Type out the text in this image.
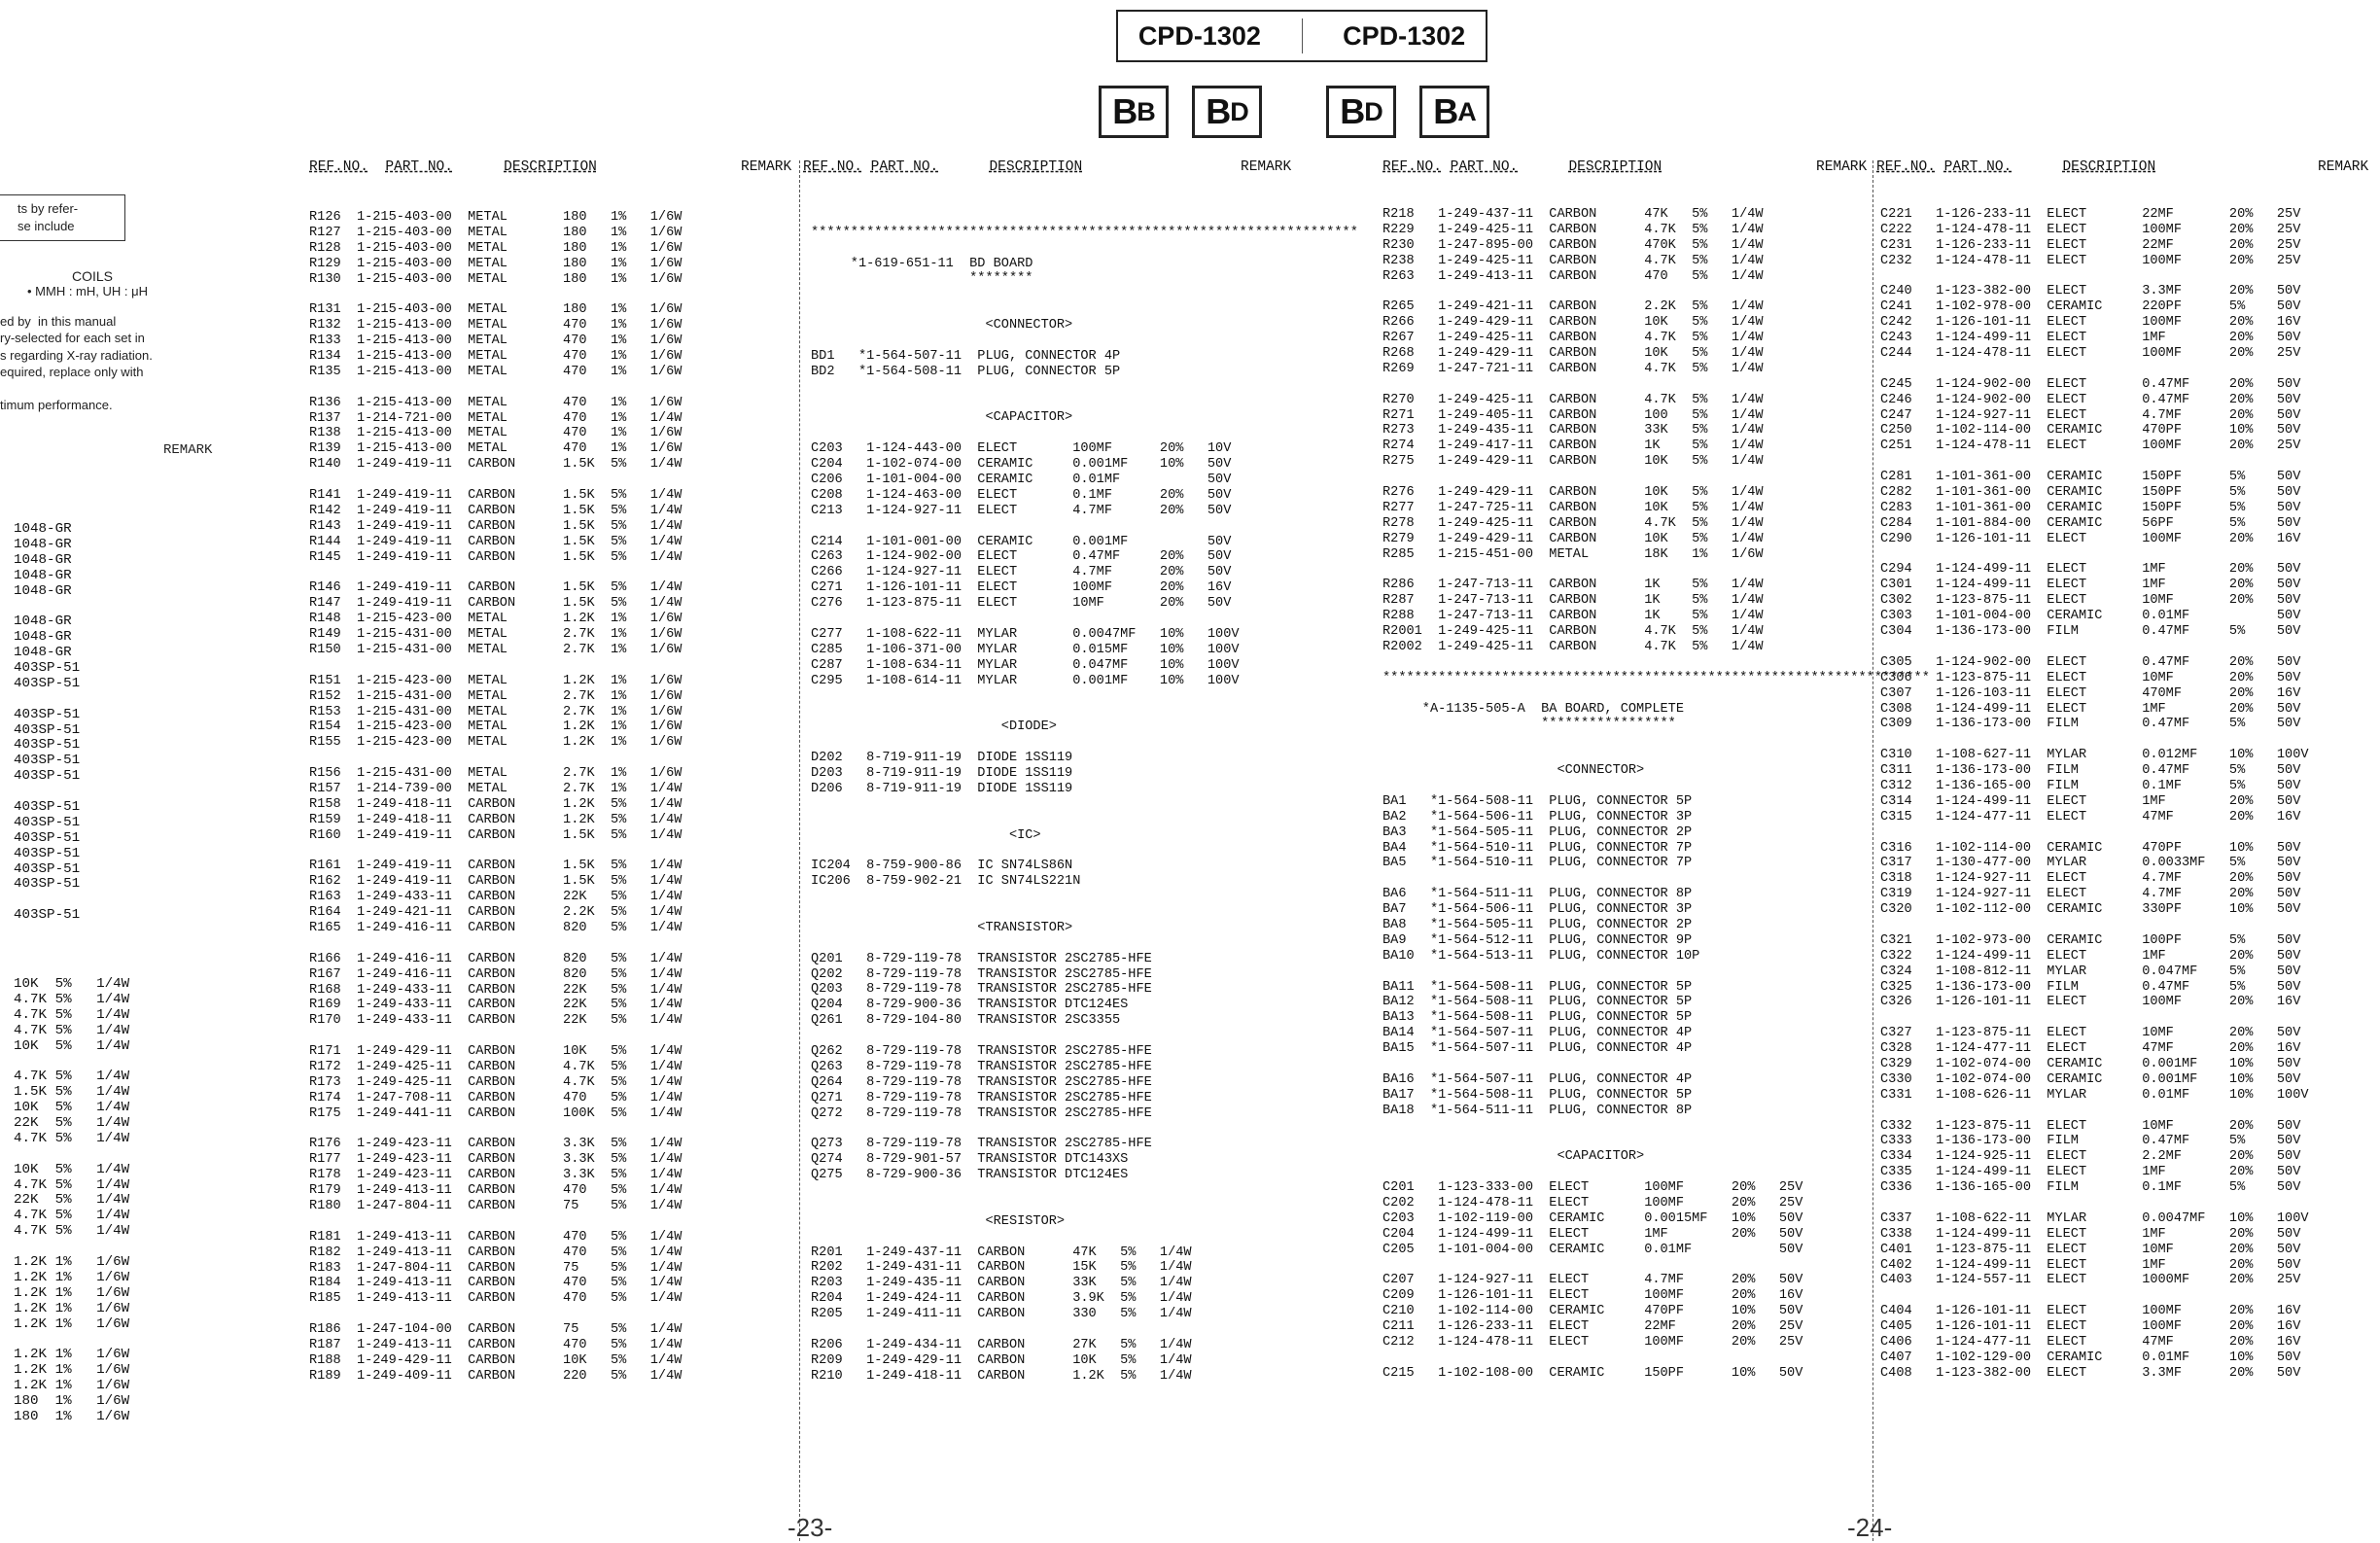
CPD-1302	CPD-1302
B B B D	B D B A
ts by refer-
se include
COILS
• MMH : mH, UH : μH
ed by  in this manual
ry-selected for each set in
s regarding X-ray radiation.
equired, replace only with

timum performance.
REMARK
1048-GR
1048-GR
1048-GR
1048-GR
1048-GR
1048-GR
1048-GR
1048-GR
403SP-51
403SP-51
403SP-51
403SP-51
403SP-51
403SP-51
403SP-51
403SP-51
403SP-51
403SP-51
403SP-51
403SP-51
403SP-51
403SP-51
10K  5%   1/4W
4.7K 5%   1/4W
4.7K 5%   1/4W
4.7K 5%   1/4W
10K  5%   1/4W
4.7K 5%   1/4W
1.5K 5%   1/4W
10K  5%   1/4W
22K  5%   1/4W
4.7K 5%   1/4W
10K  5%   1/4W
4.7K 5%   1/4W
22K  5%   1/4W
4.7K 5%   1/4W
4.7K 5%   1/4W
1.2K 1%   1/6W
1.2K 1%   1/6W
1.2K 1%   1/6W
1.2K 1%   1/6W
1.2K 1%   1/6W
1.2K 1%   1/6W
1.2K 1%   1/6W
1.2K 1%   1/6W
180  1%   1/6W
180  1%   1/6W
REF.NO. PART NO.	DESCRIPTION	REMARK REF.NO. PART NO.	DESCRIPTION	REMARK	REF.NO. PART NO.	DESCRIPTION	REMARK REF.NO. PART NO.	DESCRIPTION	REMARK
R126  1-215-403-00  METAL       180   1%   1/6W
R127  1-215-403-00  METAL       180   1%   1/6W
R128  1-215-403-00  METAL       180   1%   1/6W
R129  1-215-403-00  METAL       180   1%   1/6W
R130  1-215-403-00  METAL       180   1%   1/6W
R131  1-215-403-00  METAL       180   1%   1/6W
R132  1-215-413-00  METAL       470   1%   1/6W
R133  1-215-413-00  METAL       470   1%   1/6W
R134  1-215-413-00  METAL       470   1%   1/6W
R135  1-215-413-00  METAL       470   1%   1/6W
R136  1-215-413-00  METAL       470   1%   1/6W
R137  1-214-721-00  METAL       470   1%   1/4W
R138  1-215-413-00  METAL       470   1%   1/6W
R139  1-215-413-00  METAL       470   1%   1/6W
R140  1-249-419-11  CARBON      1.5K  5%   1/4W
R141  1-249-419-11  CARBON      1.5K  5%   1/4W
R142  1-249-419-11  CARBON      1.5K  5%   1/4W
R143  1-249-419-11  CARBON      1.5K  5%   1/4W
R144  1-249-419-11  CARBON      1.5K  5%   1/4W
R145  1-249-419-11  CARBON      1.5K  5%   1/4W
R146  1-249-419-11  CARBON      1.5K  5%   1/4W
R147  1-249-419-11  CARBON      1.5K  5%   1/4W
R148  1-215-423-00  METAL       1.2K  1%   1/6W
R149  1-215-431-00  METAL       2.7K  1%   1/6W
R150  1-215-431-00  METAL       2.7K  1%   1/6W
R151  1-215-423-00  METAL       1.2K  1%   1/6W
R152  1-215-431-00  METAL       2.7K  1%   1/6W
R153  1-215-431-00  METAL       2.7K  1%   1/6W
R154  1-215-423-00  METAL       1.2K  1%   1/6W
R155  1-215-423-00  METAL       1.2K  1%   1/6W
R156  1-215-431-00  METAL       2.7K  1%   1/6W
R157  1-214-739-00  METAL       2.7K  1%   1/4W
R158  1-249-418-11  CARBON      1.2K  5%   1/4W
R159  1-249-418-11  CARBON      1.2K  5%   1/4W
R160  1-249-419-11  CARBON      1.5K  5%   1/4W
R161  1-249-419-11  CARBON      1.5K  5%   1/4W
R162  1-249-419-11  CARBON      1.5K  5%   1/4W
R163  1-249-433-11  CARBON      22K   5%   1/4W
R164  1-249-421-11  CARBON      2.2K  5%   1/4W
R165  1-249-416-11  CARBON      820   5%   1/4W
R166  1-249-416-11  CARBON      820   5%   1/4W
R167  1-249-416-11  CARBON      820   5%   1/4W
R168  1-249-433-11  CARBON      22K   5%   1/4W
R169  1-249-433-11  CARBON      22K   5%   1/4W
R170  1-249-433-11  CARBON      22K   5%   1/4W
R171  1-249-429-11  CARBON      10K   5%   1/4W
R172  1-249-425-11  CARBON      4.7K  5%   1/4W
R173  1-249-425-11  CARBON      4.7K  5%   1/4W
R174  1-247-708-11  CARBON      470   5%   1/4W
R175  1-249-441-11  CARBON      100K  5%   1/4W
R176  1-249-423-11  CARBON      3.3K  5%   1/4W
R177  1-249-423-11  CARBON      3.3K  5%   1/4W
R178  1-249-423-11  CARBON      3.3K  5%   1/4W
R179  1-249-413-11  CARBON      470   5%   1/4W
R180  1-247-804-11  CARBON      75    5%   1/4W
R181  1-249-413-11  CARBON      470   5%   1/4W
R182  1-249-413-11  CARBON      470   5%   1/4W
R183  1-247-804-11  CARBON      75    5%   1/4W
R184  1-249-413-11  CARBON      470   5%   1/4W
R185  1-249-413-11  CARBON      470   5%   1/4W
R186  1-247-104-00  CARBON      75    5%   1/4W
R187  1-249-413-11  CARBON      470   5%   1/4W
R188  1-249-429-11  CARBON      10K   5%   1/4W
R189  1-249-409-11  CARBON      220   5%   1/4W
*********************************************************************
*1-619-651-11  BD BOARD
********
<CONNECTOR>
BD1   *1-564-507-11  PLUG, CONNECTOR 4P
BD2   *1-564-508-11  PLUG, CONNECTOR 5P
<CAPACITOR>
C203   1-124-443-00  ELECT       100MF      20%   10V
C204   1-102-074-00  CERAMIC     0.001MF    10%   50V
C206   1-101-004-00  CERAMIC     0.01MF           50V
C208   1-124-463-00  ELECT       0.1MF      20%   50V
C213   1-124-927-11  ELECT       4.7MF      20%   50V
C214   1-101-001-00  CERAMIC     0.001MF          50V
C263   1-124-902-00  ELECT       0.47MF     20%   50V
C266   1-124-927-11  ELECT       4.7MF      20%   50V
C271   1-126-101-11  ELECT       100MF      20%   16V
C276   1-123-875-11  ELECT       10MF       20%   50V
C277   1-108-622-11  MYLAR       0.0047MF   10%   100V
C285   1-106-371-00  MYLAR       0.015MF    10%   100V
C287   1-108-634-11  MYLAR       0.047MF    10%   100V
C295   1-108-614-11  MYLAR       0.001MF    10%   100V
<DIODE>
D202   8-719-911-19  DIODE 1SS119
D203   8-719-911-19  DIODE 1SS119
D206   8-719-911-19  DIODE 1SS119
<IC>
IC204  8-759-900-86  IC SN74LS86N
IC206  8-759-902-21  IC SN74LS221N
<TRANSISTOR>
Q201   8-729-119-78  TRANSISTOR 2SC2785-HFE
Q202   8-729-119-78  TRANSISTOR 2SC2785-HFE
Q203   8-729-119-78  TRANSISTOR 2SC2785-HFE
Q204   8-729-900-36  TRANSISTOR DTC124ES
Q261   8-729-104-80  TRANSISTOR 2SC3355
Q262   8-729-119-78  TRANSISTOR 2SC2785-HFE
Q263   8-729-119-78  TRANSISTOR 2SC2785-HFE
Q264   8-729-119-78  TRANSISTOR 2SC2785-HFE
Q271   8-729-119-78  TRANSISTOR 2SC2785-HFE
Q272   8-729-119-78  TRANSISTOR 2SC2785-HFE
Q273   8-729-119-78  TRANSISTOR 2SC2785-HFE
Q274   8-729-901-57  TRANSISTOR DTC143XS
Q275   8-729-900-36  TRANSISTOR DTC124ES
<RESISTOR>
R201   1-249-437-11  CARBON      47K   5%   1/4W
R202   1-249-431-11  CARBON      15K   5%   1/4W
R203   1-249-435-11  CARBON      33K   5%   1/4W
R204   1-249-424-11  CARBON      3.9K  5%   1/4W
R205   1-249-411-11  CARBON      330   5%   1/4W
R206   1-249-434-11  CARBON      27K   5%   1/4W
R209   1-249-429-11  CARBON      10K   5%   1/4W
R210   1-249-418-11  CARBON      1.2K  5%   1/4W
R218   1-249-437-11  CARBON      47K   5%   1/4W
R229   1-249-425-11  CARBON      4.7K  5%   1/4W
R230   1-247-895-00  CARBON      470K  5%   1/4W
R238   1-249-425-11  CARBON      4.7K  5%   1/4W
R263   1-249-413-11  CARBON      470   5%   1/4W
R265   1-249-421-11  CARBON      2.2K  5%   1/4W
R266   1-249-429-11  CARBON      10K   5%   1/4W
R267   1-249-425-11  CARBON      4.7K  5%   1/4W
R268   1-249-429-11  CARBON      10K   5%   1/4W
R269   1-247-721-11  CARBON      4.7K  5%   1/4W
R270   1-249-425-11  CARBON      4.7K  5%   1/4W
R271   1-249-405-11  CARBON      100   5%   1/4W
R273   1-249-435-11  CARBON      33K   5%   1/4W
R274   1-249-417-11  CARBON      1K    5%   1/4W
R275   1-249-429-11  CARBON      10K   5%   1/4W
R276   1-249-429-11  CARBON      10K   5%   1/4W
R277   1-247-725-11  CARBON      10K   5%   1/4W
R278   1-249-425-11  CARBON      4.7K  5%   1/4W
R279   1-249-429-11  CARBON      10K   5%   1/4W
R285   1-215-451-00  METAL       18K   1%   1/6W
R286   1-247-713-11  CARBON      1K    5%   1/4W
R287   1-247-713-11  CARBON      1K    5%   1/4W
R288   1-247-713-11  CARBON      1K    5%   1/4W
R2001  1-249-425-11  CARBON      4.7K  5%   1/4W
R2002  1-249-425-11  CARBON      4.7K  5%   1/4W
*********************************************************************
*A-1135-505-A  BA BOARD, COMPLETE
*****************
<CONNECTOR>
BA1   *1-564-508-11  PLUG, CONNECTOR 5P
BA2   *1-564-506-11  PLUG, CONNECTOR 3P
BA3   *1-564-505-11  PLUG, CONNECTOR 2P
BA4   *1-564-510-11  PLUG, CONNECTOR 7P
BA5   *1-564-510-11  PLUG, CONNECTOR 7P
BA6   *1-564-511-11  PLUG, CONNECTOR 8P
BA7   *1-564-506-11  PLUG, CONNECTOR 3P
BA8   *1-564-505-11  PLUG, CONNECTOR 2P
BA9   *1-564-512-11  PLUG, CONNECTOR 9P
BA10  *1-564-513-11  PLUG, CONNECTOR 10P
BA11  *1-564-508-11  PLUG, CONNECTOR 5P
BA12  *1-564-508-11  PLUG, CONNECTOR 5P
BA13  *1-564-508-11  PLUG, CONNECTOR 5P
BA14  *1-564-507-11  PLUG, CONNECTOR 4P
BA15  *1-564-507-11  PLUG, CONNECTOR 4P
BA16  *1-564-507-11  PLUG, CONNECTOR 4P
BA17  *1-564-508-11  PLUG, CONNECTOR 5P
BA18  *1-564-511-11  PLUG, CONNECTOR 8P
<CAPACITOR>
C201   1-123-333-00  ELECT       100MF      20%   25V
C202   1-124-478-11  ELECT       100MF      20%   25V
C203   1-102-119-00  CERAMIC     0.0015MF   10%   50V
C204   1-124-499-11  ELECT       1MF        20%   50V
C205   1-101-004-00  CERAMIC     0.01MF           50V
C207   1-124-927-11  ELECT       4.7MF      20%   50V
C209   1-126-101-11  ELECT       100MF      20%   16V
C210   1-102-114-00  CERAMIC     470PF      10%   50V
C211   1-126-233-11  ELECT       22MF       20%   25V
C212   1-124-478-11  ELECT       100MF      20%   25V
C215   1-102-108-00  CERAMIC     150PF      10%   50V
C221   1-126-233-11  ELECT       22MF       20%   25V
C222   1-124-478-11  ELECT       100MF      20%   25V
C231   1-126-233-11  ELECT       22MF       20%   25V
C232   1-124-478-11  ELECT       100MF      20%   25V
C240   1-123-382-00  ELECT       3.3MF      20%   50V
C241   1-102-978-00  CERAMIC     220PF      5%    50V
C242   1-126-101-11  ELECT       100MF      20%   16V
C243   1-124-499-11  ELECT       1MF        20%   50V
C244   1-124-478-11  ELECT       100MF      20%   25V
C245   1-124-902-00  ELECT       0.47MF     20%   50V
C246   1-124-902-00  ELECT       0.47MF     20%   50V
C247   1-124-927-11  ELECT       4.7MF      20%   50V
C250   1-102-114-00  CERAMIC     470PF      10%   50V
C251   1-124-478-11  ELECT       100MF      20%   25V
C281   1-101-361-00  CERAMIC     150PF      5%    50V
C282   1-101-361-00  CERAMIC     150PF      5%    50V
C283   1-101-361-00  CERAMIC     150PF      5%    50V
C284   1-101-884-00  CERAMIC     56PF       5%    50V
C290   1-126-101-11  ELECT       100MF      20%   16V
C294   1-124-499-11  ELECT       1MF        20%   50V
C301   1-124-499-11  ELECT       1MF        20%   50V
C302   1-123-875-11  ELECT       10MF       20%   50V
C303   1-101-004-00  CERAMIC     0.01MF           50V
C304   1-136-173-00  FILM        0.47MF     5%    50V
C305   1-124-902-00  ELECT       0.47MF     20%   50V
C306   1-123-875-11  ELECT       10MF       20%   50V
C307   1-126-103-11  ELECT       470MF      20%   16V
C308   1-124-499-11  ELECT       1MF        20%   50V
C309   1-136-173-00  FILM        0.47MF     5%    50V
C310   1-108-627-11  MYLAR       0.012MF    10%   100V
C311   1-136-173-00  FILM        0.47MF     5%    50V
C312   1-136-165-00  FILM        0.1MF      5%    50V
C314   1-124-499-11  ELECT       1MF        20%   50V
C315   1-124-477-11  ELECT       47MF       20%   16V
C316   1-102-114-00  CERAMIC     470PF      10%   50V
C317   1-130-477-00  MYLAR       0.0033MF   5%    50V
C318   1-124-927-11  ELECT       4.7MF      20%   50V
C319   1-124-927-11  ELECT       4.7MF      20%   50V
C320   1-102-112-00  CERAMIC     330PF      10%   50V
C321   1-102-973-00  CERAMIC     100PF      5%    50V
C322   1-124-499-11  ELECT       1MF        20%   50V
C324   1-108-812-11  MYLAR       0.047MF    5%    50V
C325   1-136-173-00  FILM        0.47MF     5%    50V
C326   1-126-101-11  ELECT       100MF      20%   16V
C327   1-123-875-11  ELECT       10MF       20%   50V
C328   1-124-477-11  ELECT       47MF       20%   16V
C329   1-102-074-00  CERAMIC     0.001MF    10%   50V
C330   1-102-074-00  CERAMIC     0.001MF    10%   50V
C331   1-108-626-11  MYLAR       0.01MF     10%   100V
C332   1-123-875-11  ELECT       10MF       20%   50V
C333   1-136-173-00  FILM        0.47MF     5%    50V
C334   1-124-925-11  ELECT       2.2MF      20%   50V
C335   1-124-499-11  ELECT       1MF        20%   50V
C336   1-136-165-00  FILM        0.1MF      5%    50V
C337   1-108-622-11  MYLAR       0.0047MF   10%   100V
C338   1-124-499-11  ELECT       1MF        20%   50V
C401   1-123-875-11  ELECT       10MF       20%   50V
C402   1-124-499-11  ELECT       1MF        20%   50V
C403   1-124-557-11  ELECT       1000MF     20%   25V
C404   1-126-101-11  ELECT       100MF      20%   16V
C405   1-126-101-11  ELECT       100MF      20%   16V
C406   1-124-477-11  ELECT       47MF       20%   16V
C407   1-102-129-00  CERAMIC     0.01MF     10%   50V
C408   1-123-382-00  ELECT       3.3MF      20%   50V
-23-	-24-
